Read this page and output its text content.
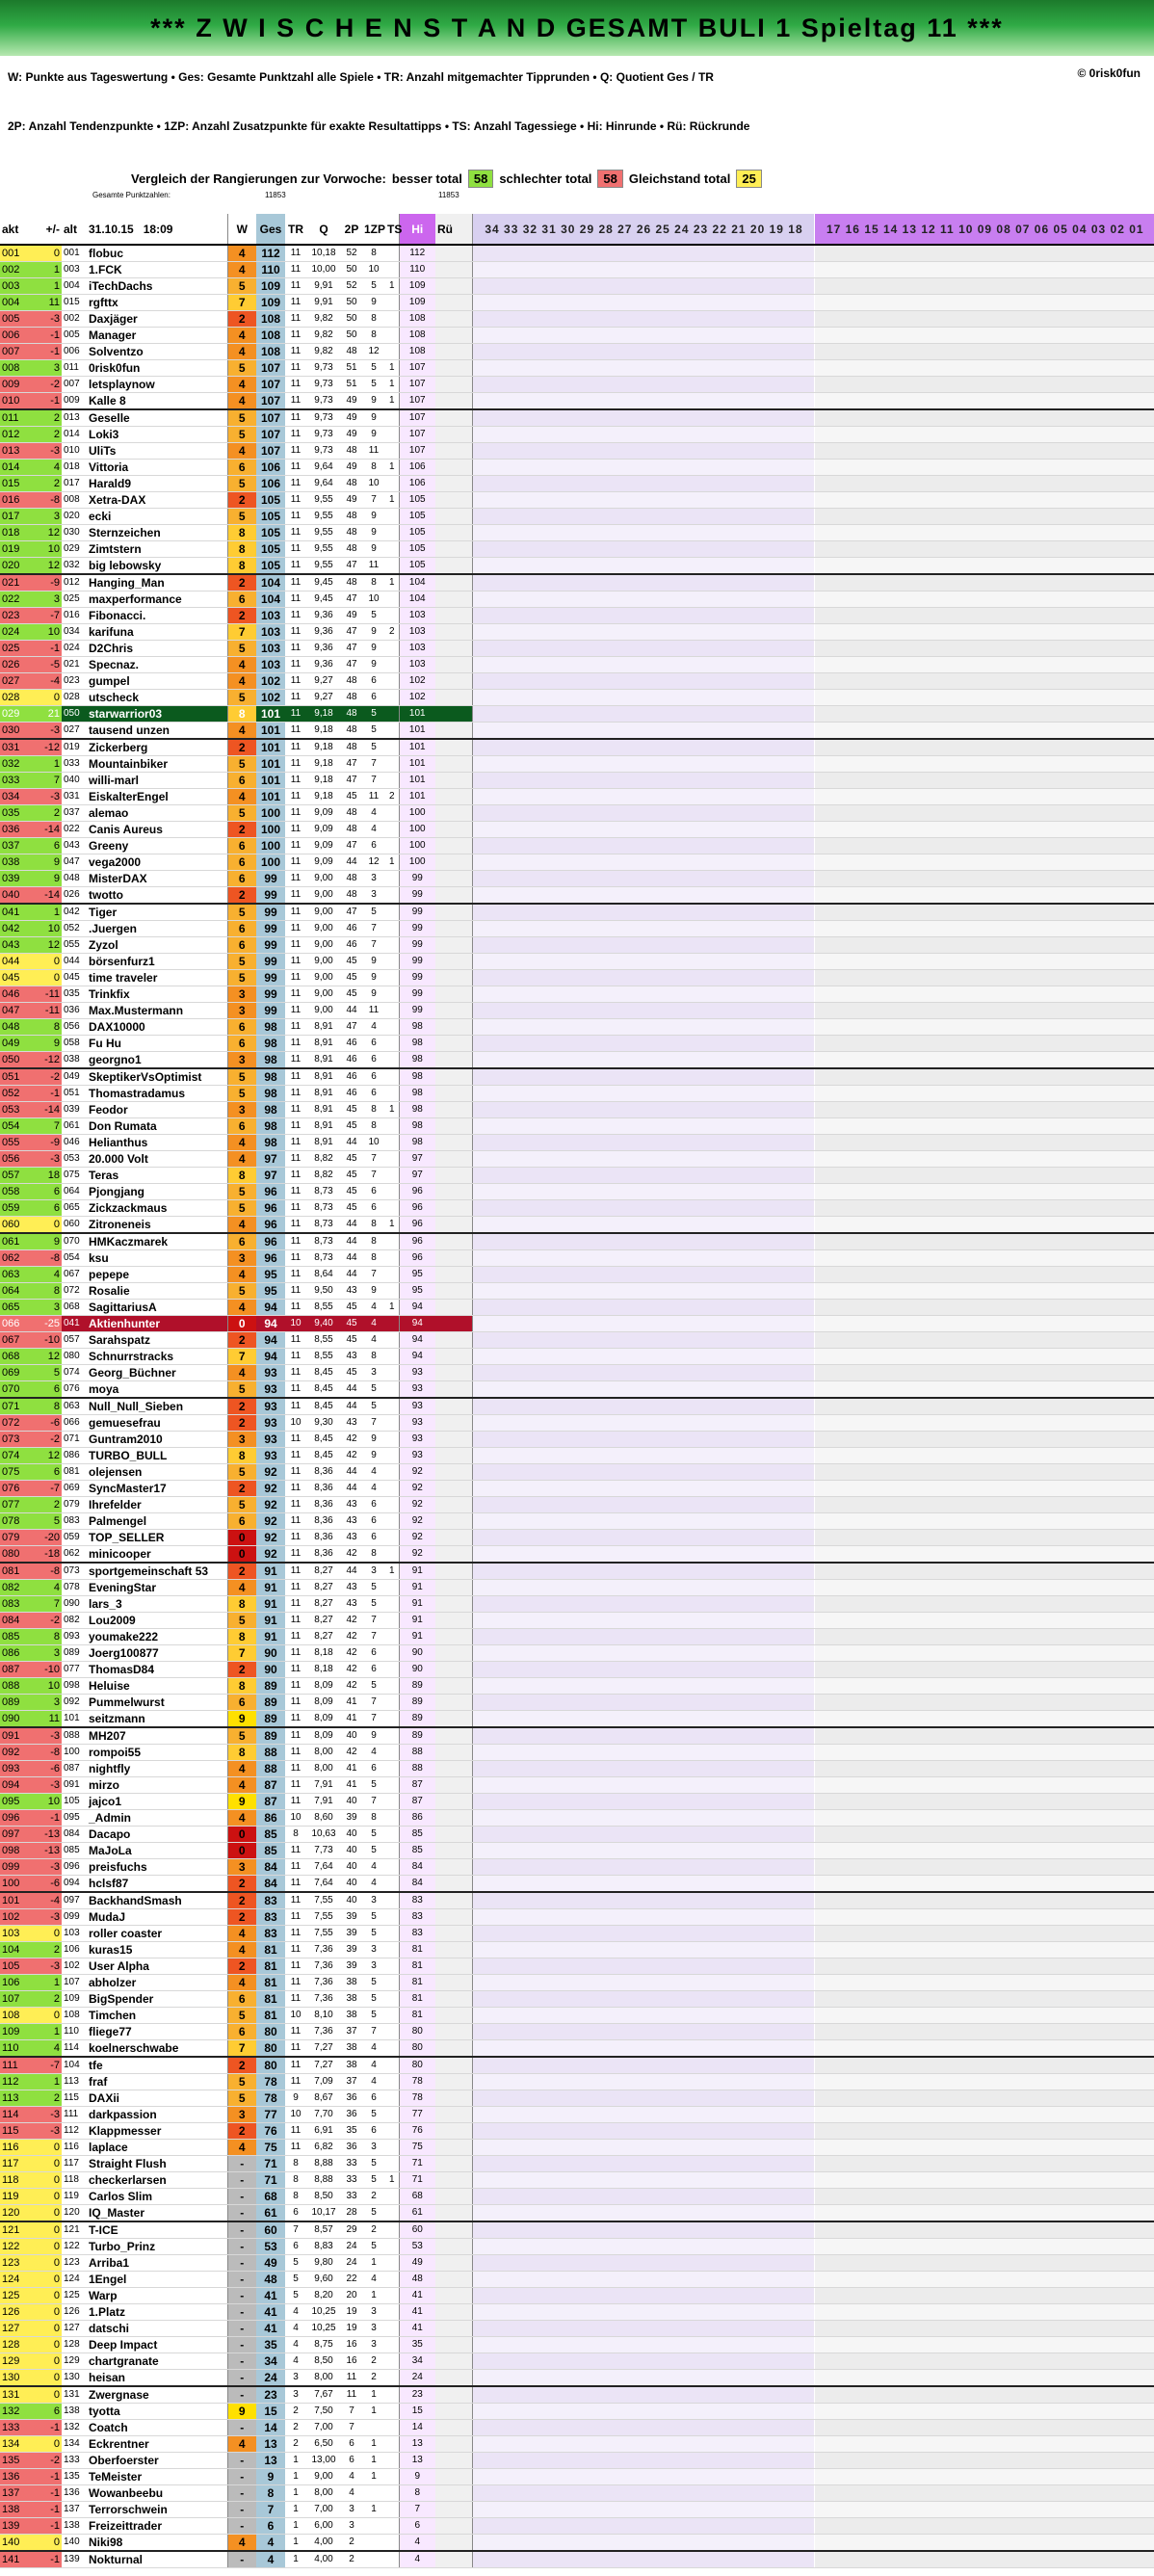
*** Z W I S C H E N S T A N D GESAMT BULI 1 Spieltag 11 ***
© 0risk0fun
W: Punkte aus Tageswertung • Ges: Gesamte Punktzahl alle Spiele • TR: Anzahl mitgemachter Tipprunden • Q: Quotient Ges / TR
2P: Anzahl Tendenzpunkte • 1ZP: Anzahl Zusatzpunkte für exakte Resultattipps • TS: Anzahl Tagessiege • Hi: Hinrunde • Rü: Rückrunde
Vergleich der Rangierungen zur Vorwoche: besser total 58 schlechter total 58 Gleichstand total 25
Gesamte Punktzahlen:	11853	11853
akt	+/-	alt	31.10.15 18:09	W	Ges	TR	Q	2P	1ZP	TS	Hi	Rü	34 33 32 31 30 29 28 27 26 25 24 23 22 21 20 19 18	17 16 15 14 13 12 11 10 09 08 07 06 05 04 03 02 01
001	0	001	flobuc	4	112	11	10,18	52	8		112			
002	1	003	1.FCK	4	110	11	10,00	50	10		110			
003	1	004	iTechDachs	5	109	11	9,91	52	5	1	109			
004	11	015	rgfttx	7	109	11	9,91	50	9		109			
005	-3	002	Daxjäger	2	108	11	9,82	50	8		108			
006	-1	005	Manager	4	108	11	9,82	50	8		108			
007	-1	006	Solventzo	4	108	11	9,82	48	12		108			
008	3	011	0risk0fun	5	107	11	9,73	51	5	1	107			
009	-2	007	letsplaynow	4	107	11	9,73	51	5	1	107			
010	-1	009	Kalle 8	4	107	11	9,73	49	9	1	107			
011	2	013	Geselle	5	107	11	9,73	49	9		107			
012	2	014	Loki3	5	107	11	9,73	49	9		107			
013	-3	010	UliTs	4	107	11	9,73	48	11		107			
014	4	018	Vittoria	6	106	11	9,64	49	8	1	106			
015	2	017	Harald9	5	106	11	9,64	48	10		106			
016	-8	008	Xetra-DAX	2	105	11	9,55	49	7	1	105			
017	3	020	ecki	5	105	11	9,55	48	9		105			
018	12	030	Sternzeichen	8	105	11	9,55	48	9		105			
019	10	029	Zimtstern	8	105	11	9,55	48	9		105			
020	12	032	big lebowsky	8	105	11	9,55	47	11		105			
021	-9	012	Hanging_Man	2	104	11	9,45	48	8	1	104			
022	3	025	maxperformance	6	104	11	9,45	47	10		104			
023	-7	016	Fibonacci.	2	103	11	9,36	49	5		103			
024	10	034	karifuna	7	103	11	9,36	47	9	2	103			
025	-1	024	D2Chris	5	103	11	9,36	47	9		103			
026	-5	021	Specnaz.	4	103	11	9,36	47	9		103			
027	-4	023	gumpel	4	102	11	9,27	48	6		102			
028	0	028	utscheck	5	102	11	9,27	48	6		102			
029	21	050	starwarrior03	8	101	11	9,18	48	5		101			
030	-3	027	tausend unzen	4	101	11	9,18	48	5		101			
031	-12	019	Zickerberg	2	101	11	9,18	48	5		101			
032	1	033	Mountainbiker	5	101	11	9,18	47	7		101			
033	7	040	willi-marl	6	101	11	9,18	47	7		101			
034	-3	031	EiskalterEngel	4	101	11	9,18	45	11	2	101			
035	2	037	alemao	5	100	11	9,09	48	4		100			
036	-14	022	Canis Aureus	2	100	11	9,09	48	4		100			
037	6	043	Greeny	6	100	11	9,09	47	6		100			
038	9	047	vega2000	6	100	11	9,09	44	12	1	100			
039	9	048	MisterDAX	6	99	11	9,00	48	3		99			
040	-14	026	twotto	2	99	11	9,00	48	3		99			
041	1	042	Tiger	5	99	11	9,00	47	5		99			
042	10	052	.Juergen	6	99	11	9,00	46	7		99			
043	12	055	Zyzol	6	99	11	9,00	46	7		99			
044	0	044	börsenfurz1	5	99	11	9,00	45	9		99			
045	0	045	time traveler	5	99	11	9,00	45	9		99			
046	-11	035	Trinkfix	3	99	11	9,00	45	9		99			
047	-11	036	Max.Mustermann	3	99	11	9,00	44	11		99			
048	8	056	DAX10000	6	98	11	8,91	47	4		98			
049	9	058	Fu Hu	6	98	11	8,91	46	6		98			
050	-12	038	georgno1	3	98	11	8,91	46	6		98			
051	-2	049	SkeptikerVsOptimist	5	98	11	8,91	46	6		98			
052	-1	051	Thomastradamus	5	98	11	8,91	46	6		98			
053	-14	039	Feodor	3	98	11	8,91	45	8	1	98			
054	7	061	Don Rumata	6	98	11	8,91	45	8		98			
055	-9	046	Helianthus	4	98	11	8,91	44	10		98			
056	-3	053	20.000 Volt	4	97	11	8,82	45	7		97			
057	18	075	Teras	8	97	11	8,82	45	7		97			
058	6	064	Pjongjang	5	96	11	8,73	45	6		96			
059	6	065	Zickzackmaus	5	96	11	8,73	45	6		96			
060	0	060	Zitroneneis	4	96	11	8,73	44	8	1	96			
061	9	070	HMKaczmarek	6	96	11	8,73	44	8		96			
062	-8	054	ksu	3	96	11	8,73	44	8		96			
063	4	067	pepepe	4	95	11	8,64	44	7		95			
064	8	072	Rosalie	5	95	11	9,50	43	9		95			
065	3	068	SagittariusA	4	94	11	8,55	45	4	1	94			
066	-25	041	Aktienhunter	0	94	10	9,40	45	4		94			
067	-10	057	Sarahspatz	2	94	11	8,55	45	4		94			
068	12	080	Schnurrstracks	7	94	11	8,55	43	8		94			
069	5	074	Georg_Büchner	4	93	11	8,45	45	3		93			
070	6	076	moya	5	93	11	8,45	44	5		93			
071	8	063	Null_Null_Sieben	2	93	11	8,45	44	5		93			
072	-6	066	gemuesefrau	2	93	10	9,30	43	7		93			
073	-2	071	Guntram2010	3	93	11	8,45	42	9		93			
074	12	086	TURBO_BULL	8	93	11	8,45	42	9		93			
075	6	081	olejensen	5	92	11	8,36	44	4		92			
076	-7	069	SyncMaster17	2	92	11	8,36	44	4		92			
077	2	079	Ihrefelder	5	92	11	8,36	43	6		92			
078	5	083	Palmengel	6	92	11	8,36	43	6		92			
079	-20	059	TOP_SELLER	0	92	11	8,36	43	6		92			
080	-18	062	minicooper	0	92	11	8,36	42	8		92			
081	-8	073	sportgemeinschaft 53	2	91	11	8,27	44	3	1	91			
082	4	078	EveningStar	4	91	11	8,27	43	5		91			
083	7	090	lars_3	8	91	11	8,27	43	5		91			
084	-2	082	Lou2009	5	91	11	8,27	42	7		91			
085	8	093	youmake222	8	91	11	8,27	42	7		91			
086	3	089	Joerg100877	7	90	11	8,18	42	6		90			
087	-10	077	ThomasD84	2	90	11	8,18	42	6		90			
088	10	098	Heluise	8	89	11	8,09	42	5		89			
089	3	092	Pummelwurst	6	89	11	8,09	41	7		89			
090	11	101	seitzmann	9	89	11	8,09	41	7		89			
091	-3	088	MH207	5	89	11	8,09	40	9		89			
092	-8	100	rompoi55	8	88	11	8,00	42	4		88			
093	-6	087	nightfly	4	88	11	8,00	41	6		88			
094	-3	091	mirzo	4	87	11	7,91	41	5		87			
095	10	105	jajco1	9	87	11	7,91	40	7		87			
096	-1	095	_Admin	4	86	10	8,60	39	8		86			
097	-13	084	Dacapo	0	85	8	10,63	40	5		85			
098	-13	085	MaJoLa	0	85	11	7,73	40	5		85			
099	-3	096	preisfuchs	3	84	11	7,64	40	4		84			
100	-6	094	hclsf87	2	84	11	7,64	40	4		84			
101	-4	097	BackhandSmash	2	83	11	7,55	40	3		83			
102	-3	099	MudaJ	2	83	11	7,55	39	5		83			
103	0	103	roller coaster	4	83	11	7,55	39	5		83			
104	2	106	kuras15	4	81	11	7,36	39	3		81			
105	-3	102	User Alpha	2	81	11	7,36	39	3		81			
106	1	107	abholzer	4	81	11	7,36	38	5		81			
107	2	109	BigSpender	6	81	11	7,36	38	5		81			
108	0	108	Timchen	5	81	10	8,10	38	5		81			
109	1	110	fliege77	6	80	11	7,36	37	7		80			
110	4	114	koelnerschwabe	7	80	11	7,27	38	4		80			
111	-7	104	tfe	2	80	11	7,27	38	4		80			
112	1	113	fraf	5	78	11	7,09	37	4		78			
113	2	115	DAXii	5	78	9	8,67	36	6		78			
114	-3	111	darkpassion	3	77	10	7,70	36	5		77			
115	-3	112	Klappmesser	2	76	11	6,91	35	6		76			
116	0	116	laplace	4	75	11	6,82	36	3		75			
117	0	117	Straight Flush	-	71	8	8,88	33	5		71			
118	0	118	checkerlarsen	-	71	8	8,88	33	5	1	71			
119	0	119	Carlos Slim	-	68	8	8,50	33	2		68			
120	0	120	IQ_Master	-	61	6	10,17	28	5		61			
121	0	121	T-ICE	-	60	7	8,57	29	2		60			
122	0	122	Turbo_Prinz	-	53	6	8,83	24	5		53			
123	0	123	Arriba1	-	49	5	9,80	24	1		49			
124	0	124	1Engel	-	48	5	9,60	22	4		48			
125	0	125	Warp	-	41	5	8,20	20	1		41			
126	0	126	1.Platz	-	41	4	10,25	19	3		41			
127	0	127	datschi	-	41	4	10,25	19	3		41			
128	0	128	Deep Impact	-	35	4	8,75	16	3		35			
129	0	129	chartgranate	-	34	4	8,50	16	2		34			
130	0	130	heisan	-	24	3	8,00	11	2		24			
131	0	131	Zwergnase	-	23	3	7,67	11	1		23			
132	6	138	tyotta	9	15	2	7,50	7	1		15			
133	-1	132	Coatch	-	14	2	7,00	7			14			
134	0	134	Eckrentner	4	13	2	6,50	6	1		13			
135	-2	133	Oberfoerster	-	13	1	13,00	6	1		13			
136	-1	135	TeMeister	-	9	1	9,00	4	1		9			
137	-1	136	Wowanbeebu	-	8	1	8,00	4			8			
138	-1	137	Terrorschwein	-	7	1	7,00	3	1		7			
139	-1	138	Freizeittrader	-	6	1	6,00	3			6			
140	0	140	Niki98	4	4	1	4,00	2			4			
141	-1	139	Nokturnal	-	4	1	4,00	2			4			
